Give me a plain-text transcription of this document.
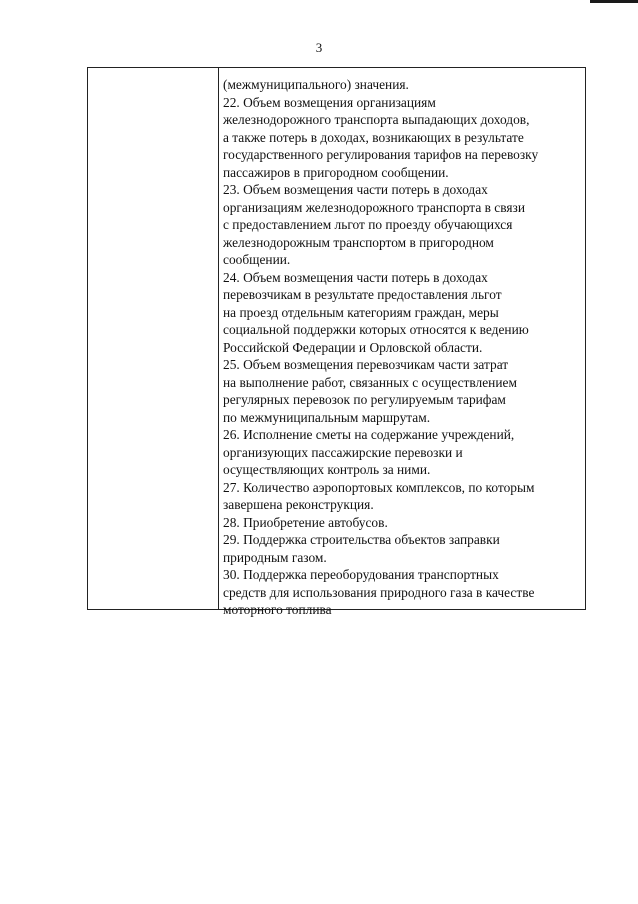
3
(межмуниципального) значения.
22. Объем возмещения организациям
железнодорожного транспорта выпадающих доходов,
а также потерь в доходах, возникающих в результате
государственного регулирования тарифов на перевозку
пассажиров в пригородном сообщении.
23. Объем возмещения части потерь в доходах
организациям железнодорожного транспорта в связи
с предоставлением льгот по проезду обучающихся
железнодорожным транспортом в пригородном
сообщении.
24. Объем возмещения части потерь в доходах
перевозчикам в результате предоставления льгот
на проезд отдельным категориям граждан, меры
социальной поддержки которых относятся к ведению
Российской Федерации и Орловской области.
25. Объем возмещения перевозчикам части затрат
на выполнение работ, связанных с осуществлением
регулярных перевозок по регулируемым тарифам
по межмуниципальным маршрутам.
26. Исполнение сметы на содержание учреждений,
организующих пассажирские перевозки и
осуществляющих контроль за ними.
27. Количество аэропортовых комплексов, по которым
завершена реконструкция.
28. Приобретение автобусов.
29. Поддержка строительства объектов заправки
природным газом.
30. Поддержка переоборудования транспортных
средств для использования природного газа в качестве
моторного топлива
